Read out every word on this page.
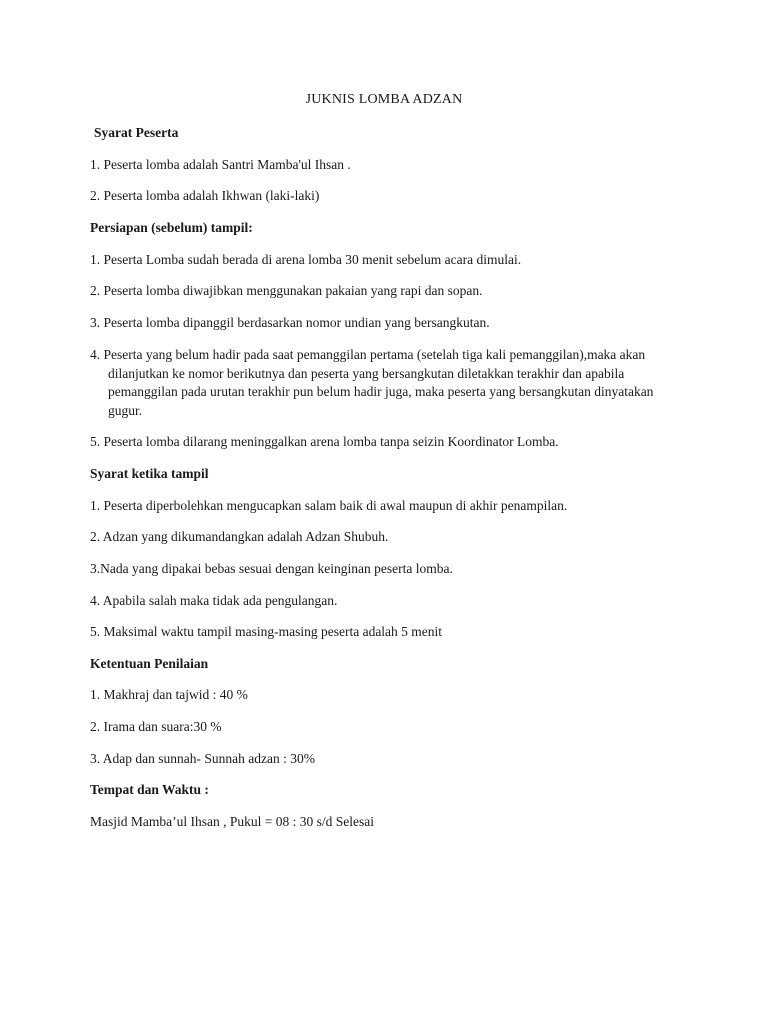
JUKNIS LOMBA ADZAN
Syarat Peserta
1. Peserta lomba adalah Santri Mamba'ul Ihsan .
2. Peserta lomba adalah Ikhwan (laki-laki)
Persiapan (sebelum) tampil:
1. Peserta Lomba sudah berada di arena lomba 30 menit sebelum acara dimulai.
2. Peserta lomba diwajibkan menggunakan pakaian yang rapi dan sopan.
3. Peserta lomba dipanggil berdasarkan nomor undian yang bersangkutan.
4. Peserta yang belum hadir pada saat pemanggilan pertama (setelah tiga kali pemanggilan),maka akan
dilanjutkan ke nomor berikutnya dan peserta yang bersangkutan diletakkan terakhir dan apabila
pemanggilan pada urutan terakhir pun belum hadir juga, maka peserta yang bersangkutan dinyatakan
gugur.
5. Peserta lomba dilarang meninggalkan arena lomba tanpa seizin Koordinator Lomba.
Syarat ketika tampil
1. Peserta diperbolehkan mengucapkan salam baik di awal maupun di akhir penampilan.
2. Adzan yang dikumandangkan adalah Adzan Shubuh.
3.Nada yang dipakai bebas sesuai dengan keinginan peserta lomba.
4. Apabila salah maka tidak ada pengulangan.
5. Maksimal waktu tampil masing-masing peserta adalah 5 menit
Ketentuan Penilaian
1. Makhraj dan tajwid : 40 %
2. Irama dan suara:30 %
3. Adap dan sunnah- Sunnah adzan : 30%
Tempat dan Waktu :
Masjid Mamba’ul Ihsan , Pukul = 08 : 30 s/d Selesai
